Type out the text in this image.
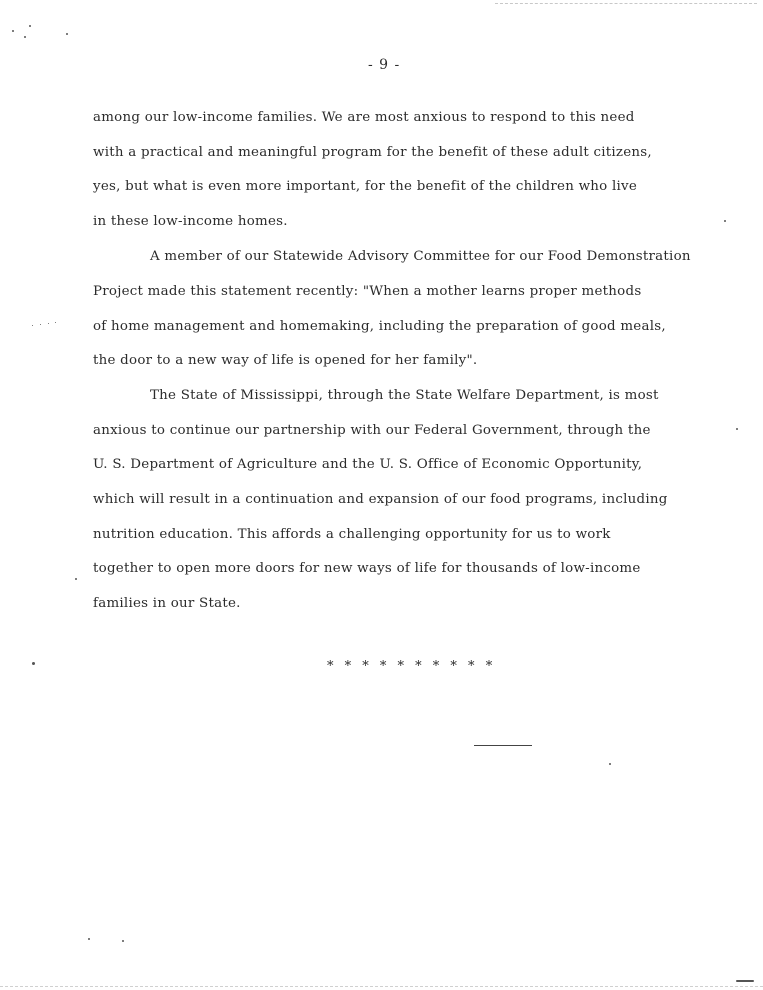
- 9 -
among our low-income families. We are most anxious to respond to this need
with a practical and meaningful program for the benefit of these adult citizens,
yes, but what is even more important, for the benefit of the children who live
in these low-income homes.
A member of our Statewide Advisory Committee for our Food Demonstration
Project made this statement recently: "When a mother learns proper methods
of home management and homemaking, including the preparation of good meals,
the door to a new way of life is opened for her family".
The State of Mississippi, through the State Welfare Department, is most
anxious to continue our partnership with our Federal Government, through the
U. S. Department of Agriculture and the U. S. Office of Economic Opportunity,
which will result in a continuation and expansion of our food programs, including
nutrition education. This affords a challenging opportunity for us to work
together to open more doors for new ways of life for thousands of low-income
families in our State.
* * * * * * * * * *
